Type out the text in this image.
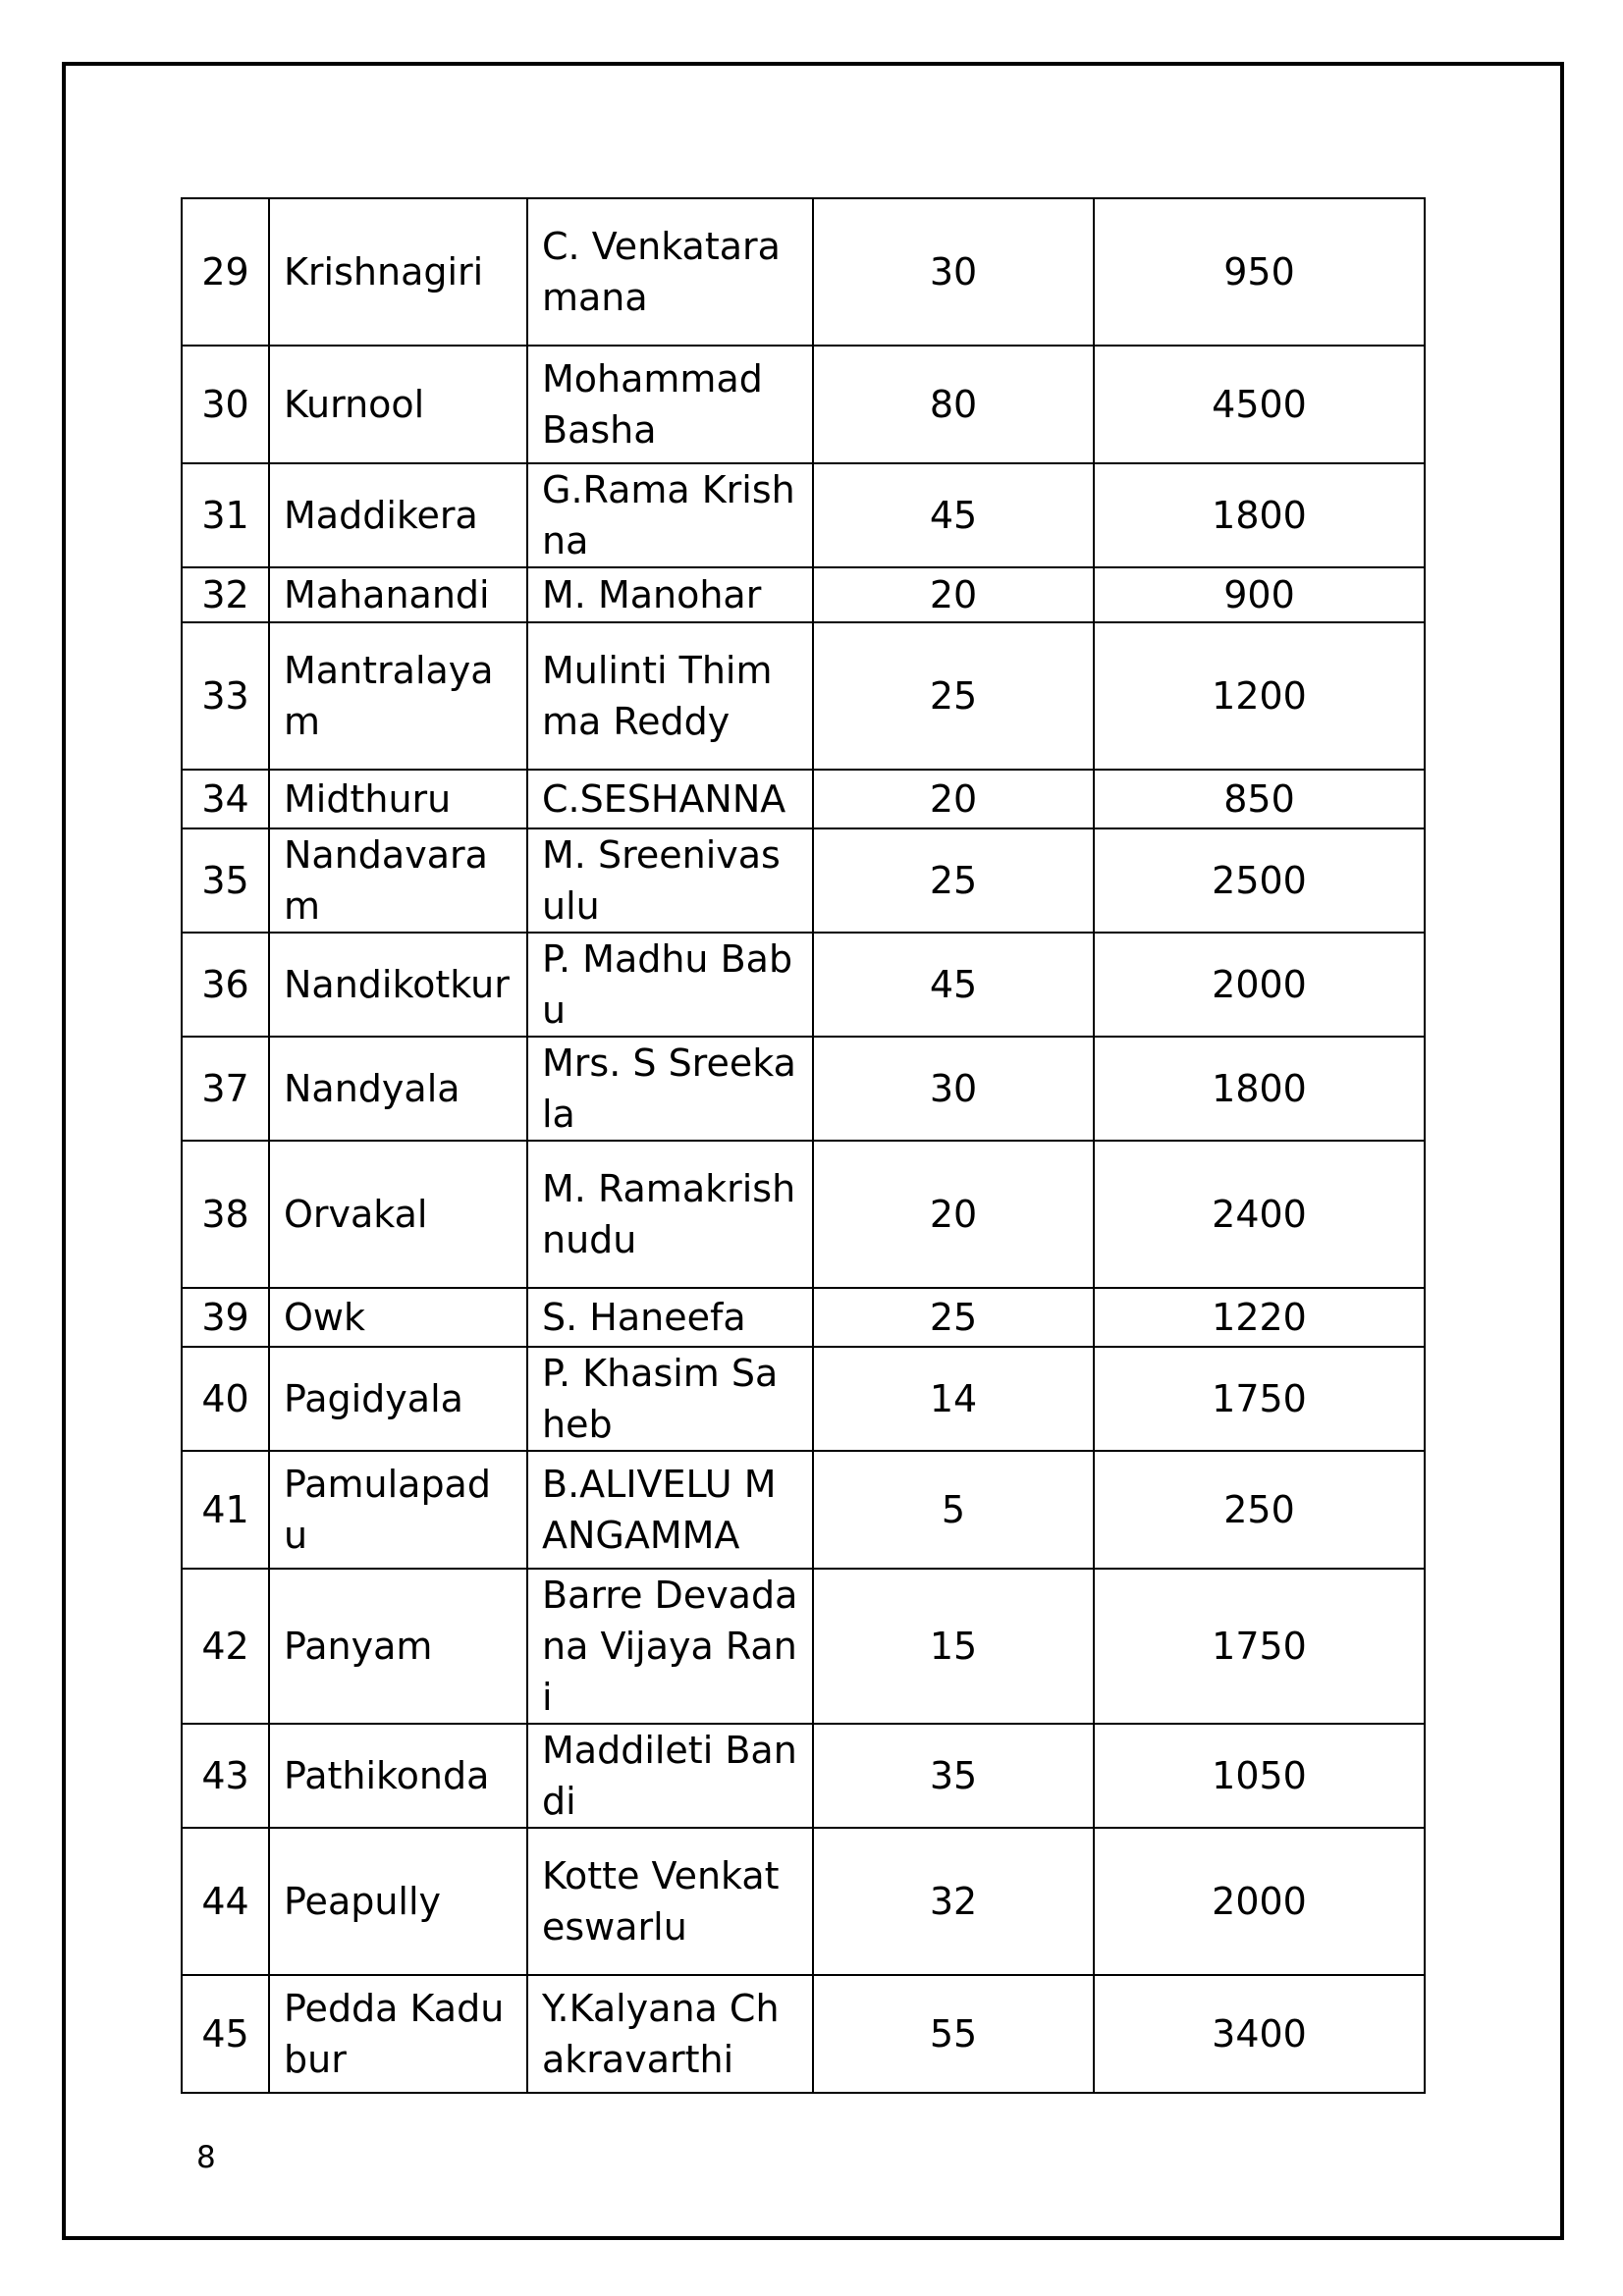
29	Krishnagiri	C. Venkataramana	30	950
30	Kurnool	Mohammad Basha	80	4500
31	Maddikera	G.Rama Krishna	45	1800
32	Mahanandi	M. Manohar	20	900
33	Mantralayam	Mulinti Thimma Reddy	25	1200
34	Midthuru	C.SESHANNA	20	850
35	Nandavaram	M. Sreenivasulu	25	2500
36	Nandikotkur	P. Madhu Babu	45	2000
37	Nandyala	Mrs. S Sreekala	30	1800
38	Orvakal	M. Ramakrishnudu	20	2400
39	Owk	S. Haneefa	25	1220
40	Pagidyala	P. Khasim Saheb	14	1750
41	Pamulapadu	B.ALIVELU MANGAMMA	5	250
42	Panyam	Barre Devadana Vijaya Rani	15	1750
43	Pathikonda	Maddileti Bandi	35	1050
44	Peapully	Kotte Venkateswarlu	32	2000
45	Pedda Kadubur	Y.Kalyana Chakravarthi	55	3400
8
